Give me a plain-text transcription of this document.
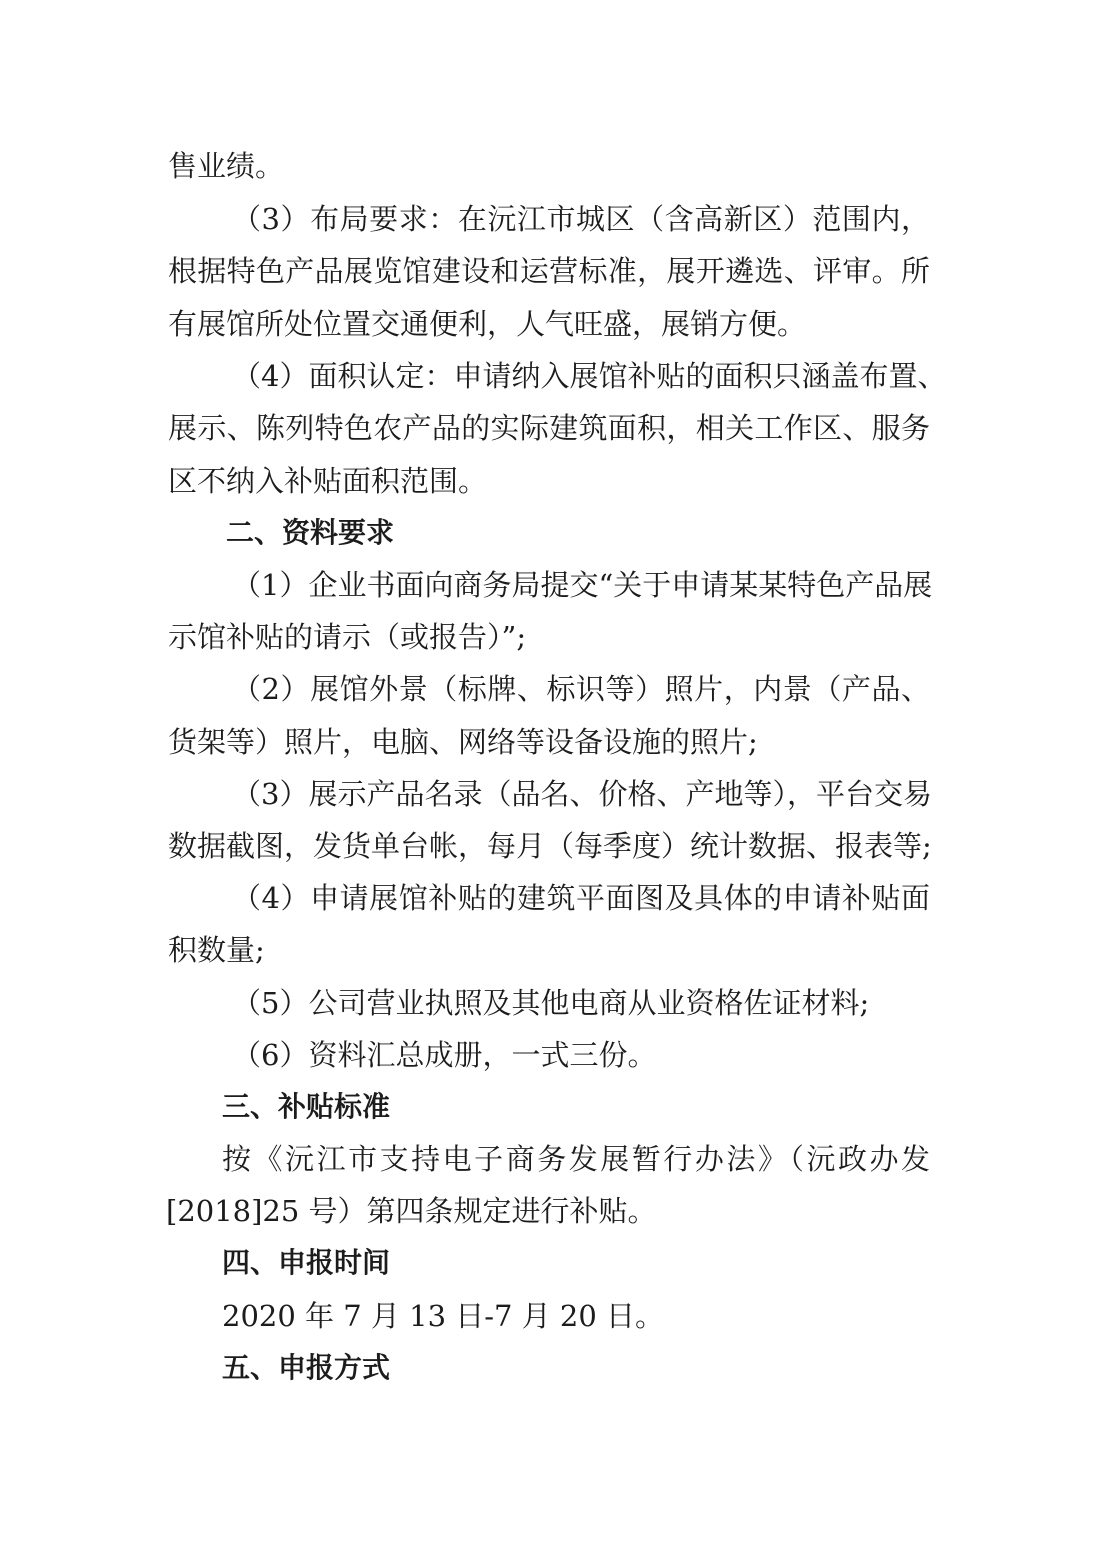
售业绩。
（3）布局要求：在沅江市城区（含高新区）范围内，
根据特色产品展览馆建设和运营标准，展开遴选、评审。所
有展馆所处位置交通便利，人气旺盛，展销方便。
（4）面积认定：申请纳入展馆补贴的面积只涵盖布置、
展示、陈列特色农产品的实际建筑面积，相关工作区、服务
区不纳入补贴面积范围。
二、资料要求
（1）企业书面向商务局提交“关于申请某某特色产品展
示馆补贴的请示（或报告）”;
（2）展馆外景（标牌、标识等）照片，内景（产品、
货架等）照片，电脑、网络等设备设施的照片;
（3）展示产品名录（品名、价格、产地等），平台交易
数据截图，发货单台帐，每月（每季度）统计数据、报表等;
（4）申请展馆补贴的建筑平面图及具体的申请补贴面
积数量;
（5）公司营业执照及其他电商从业资格佐证材料;
（6）资料汇总成册，一式三份。
三、补贴标准
按《沅江市支持电子商务发展暂行办法》（沅政办发
[2018]25 号）第四条规定进行补贴。
四、申报时间
2020 年 7 月 13 日-7 月 20 日。
五、申报方式
